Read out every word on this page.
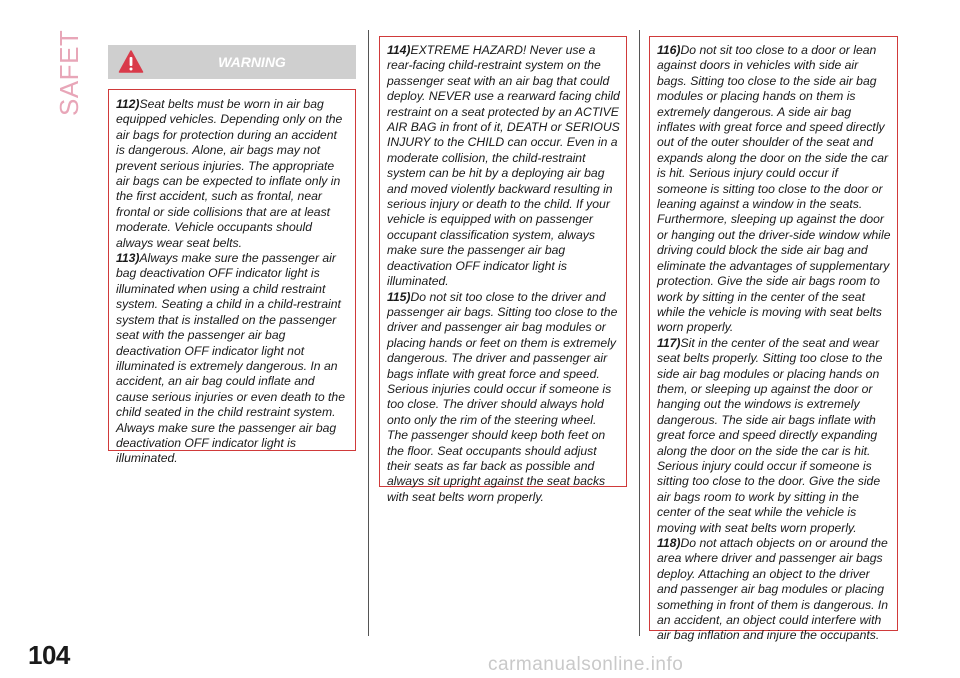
SAFETY	WARNING

112)Seat belts must be worn in air bag equipped vehicles. Depending only on the air bags for protection during an accident is dangerous. Alone, air bags may not prevent serious injuries. The appropriate air bags can be expected to inflate only in the first accident, such as frontal, near frontal or side collisions that are at least moderate. Vehicle occupants should always wear seat belts.

113)Always make sure the passenger air bag deactivation OFF indicator light is illuminated when using a child restraint system. Seating a child in a child-restraint system that is installed on the passenger seat with the passenger air bag deactivation OFF indicator light not illuminated is extremely dangerous. In an accident, an air bag could inflate and cause serious injuries or even death to the child seated in the child restraint system. Always make sure the passenger air bag deactivation OFF indicator light is illuminated.

114)EXTREME HAZARD! Never use a rear-facing child-restraint system on the passenger seat with an air bag that could deploy. NEVER use a rearward facing child restraint on a seat protected by an ACTIVE AIR BAG in front of it, DEATH or SERIOUS INJURY to the CHILD can occur. Even in a moderate collision, the child-restraint system can be hit by a deploying air bag and moved violently backward resulting in serious injury or death to the child. If your vehicle is equipped with on passenger occupant classification system, always make sure the passenger air bag deactivation OFF indicator light is illuminated.

115)Do not sit too close to the driver and passenger air bags. Sitting too close to the driver and passenger air bag modules or placing hands or feet on them is extremely dangerous. The driver and passenger air bags inflate with great force and speed. Serious injuries could occur if someone is too close. The driver should always hold onto only the rim of the steering wheel. The passenger should keep both feet on the floor. Seat occupants should adjust their seats as far back as possible and always sit upright against the seat backs with seat belts worn properly.

116)Do not sit too close to a door or lean against doors in vehicles with side air bags. Sitting too close to the side air bag modules or placing hands on them is extremely dangerous. A side air bag inflates with great force and speed directly out of the outer shoulder of the seat and expands along the door on the side the car is hit. Serious injury could occur if someone is sitting too close to the door or leaning against a window in the seats. Furthermore, sleeping up against the door or hanging out the driver-side window while driving could block the side air bag and eliminate the advantages of supplementary protection. Give the side air bags room to work by sitting in the center of the seat while the vehicle is moving with seat belts worn properly.

117)Sit in the center of the seat and wear seat belts properly. Sitting too close to the side air bag modules or placing hands on them, or sleeping up against the door or hanging out the windows is extremely dangerous. The side air bags inflate with great force and speed directly expanding along the door on the side the car is hit. Serious injury could occur if someone is sitting too close to the door. Give the side air bags room to work by sitting in the center of the seat while the vehicle is moving with seat belts worn properly.

118)Do not attach objects on or around the area where driver and passenger air bags deploy. Attaching an object to the driver and passenger air bag modules or placing something in front of them is dangerous. In an accident, an object could interfere with air bag inflation and injure the occupants.

104	carmanualsonline.info
